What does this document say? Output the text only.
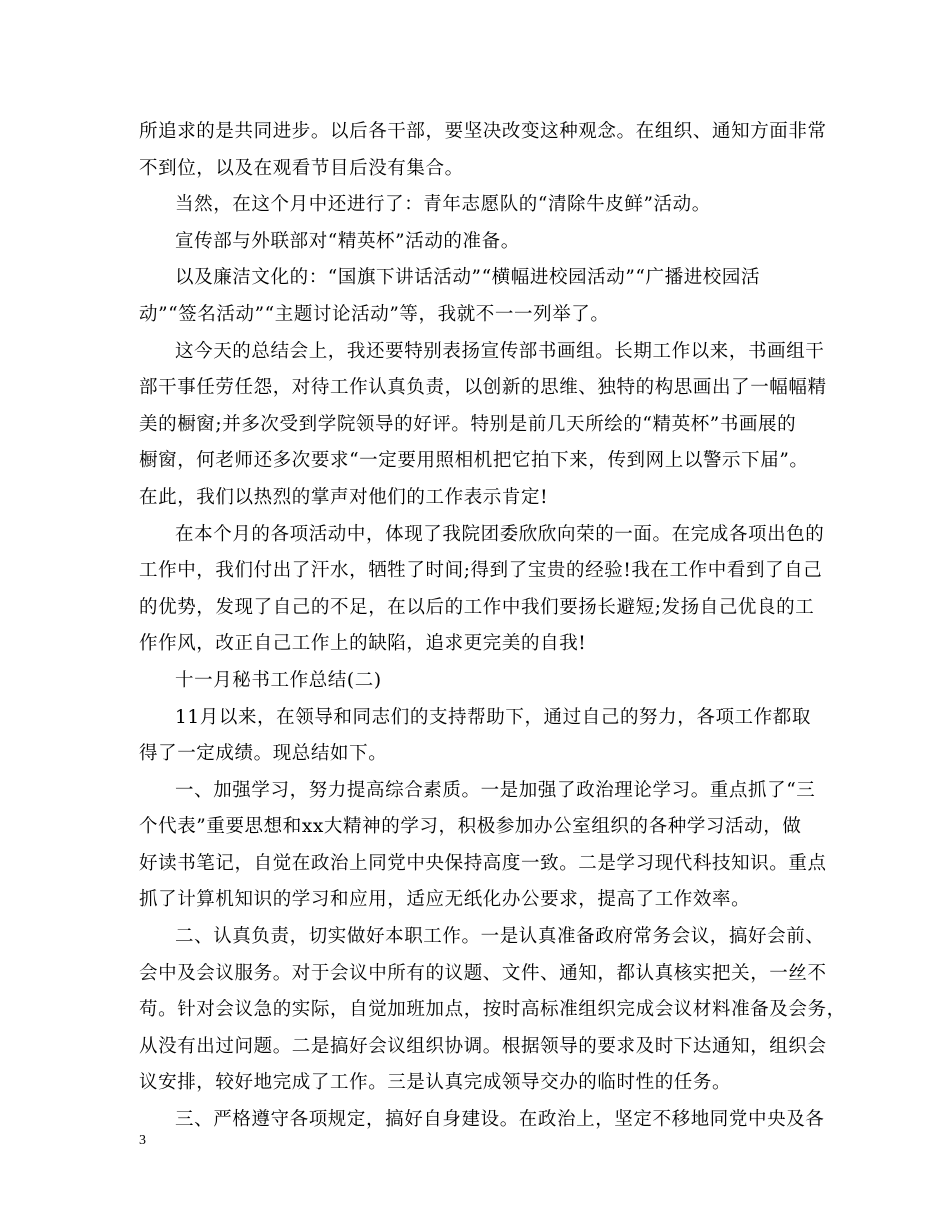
所追求的是共同进步。以后各干部，要坚决改变这种观念。在组织、通知方面非常
不到位，以及在观看节目后没有集合。
当然，在这个月中还进行了：青年志愿队的“清除牛皮鲜”活动。
宣传部与外联部对“精英杯”活动的准备。
以及廉洁文化的：“国旗下讲话活动”“横幅进校园活动”“广播进校园活
动”“签名活动”“主题讨论活动”等，我就不一一列举了。
这今天的总结会上，我还要特别表扬宣传部书画组。长期工作以来，书画组干
部干事任劳任怨，对待工作认真负责，以创新的思维、独特的构思画出了一幅幅精
美的橱窗;并多次受到学院领导的好评。特别是前几天所绘的“精英杯”书画展的
橱窗，何老师还多次要求“一定要用照相机把它拍下来，传到网上以警示下届”。
在此，我们以热烈的掌声对他们的工作表示肯定!
在本个月的各项活动中，体现了我院团委欣欣向荣的一面。在完成各项出色的
工作中，我们付出了汗水，牺牲了时间;得到了宝贵的经验!我在工作中看到了自己
的优势，发现了自己的不足，在以后的工作中我们要扬长避短;发扬自己优良的工
作作风，改正自己工作上的缺陷，追求更完美的自我!
十一月秘书工作总结(二)
11月以来，在领导和同志们的支持帮助下，通过自己的努力，各项工作都取
得了一定成绩。现总结如下。
一、加强学习，努力提高综合素质。一是加强了政治理论学习。重点抓了“三
个代表”重要思想和xx大精神的学习，积极参加办公室组织的各种学习活动，做
好读书笔记，自觉在政治上同党中央保持高度一致。二是学习现代科技知识。重点
抓了计算机知识的学习和应用，适应无纸化办公要求，提高了工作效率。
二、认真负责，切实做好本职工作。一是认真准备政府常务会议，搞好会前、
会中及会议服务。对于会议中所有的议题、文件、通知，都认真核实把关，一丝不
苟。针对会议急的实际，自觉加班加点，按时高标准组织完成会议材料准备及会务，
从没有出过问题。二是搞好会议组织协调。根据领导的要求及时下达通知，组织会
议安排，较好地完成了工作。三是认真完成领导交办的临时性的任务。
三、严格遵守各项规定，搞好自身建设。在政治上，坚定不移地同党中央及各
3
